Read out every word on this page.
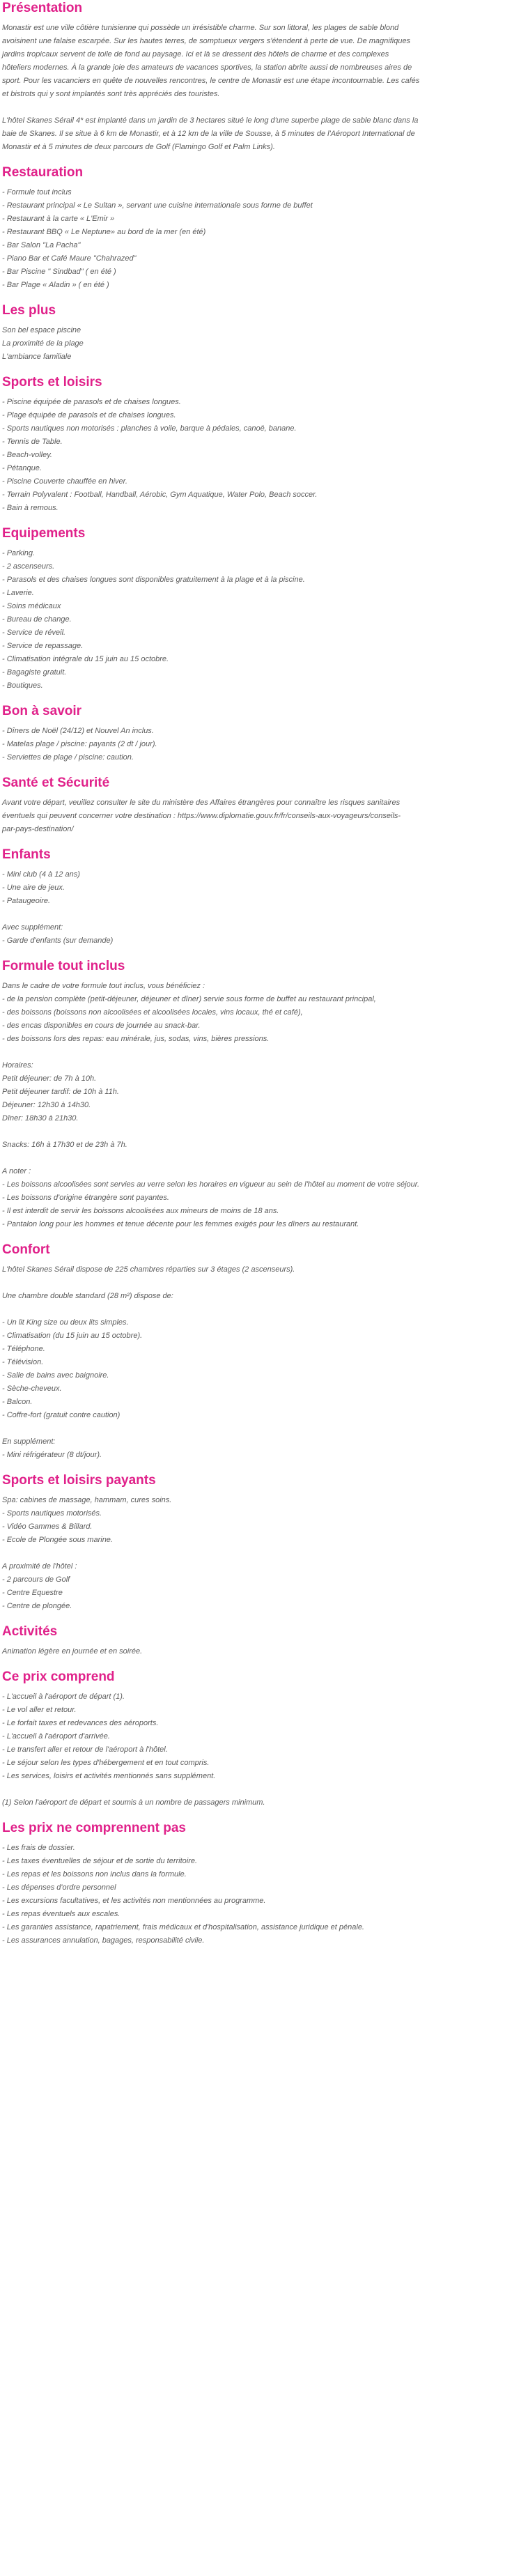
Présentation
Monastir est une ville côtière tunisienne qui possède un irrésistible charme. Sur son littoral, les plages de sable blond
avoisinent une falaise escarpée. Sur les hautes terres, de somptueux vergers s'étendent à perte de vue. De magnifiques
jardins tropicaux servent de toile de fond au paysage. Ici et là se dressent des hôtels de charme et des complexes
hôteliers modernes. À la grande joie des amateurs de vacances sportives, la station abrite aussi de nombreuses aires de
sport. Pour les vacanciers en quête de nouvelles rencontres, le centre de Monastir est une étape incontournable. Les cafés
et bistrots qui y sont implantés sont très appréciés des touristes.
L'hôtel Skanes Sérail 4* est implanté dans un jardin de 3 hectares situé le long d'une superbe plage de sable blanc dans la
baie de Skanes. Il se situe à 6 km de Monastir, et à 12 km de la ville de Sousse, à 5 minutes de l'Aéroport International de
Monastir et à 5 minutes de deux parcours de Golf (Flamingo Golf et Palm Links).
Restauration
- Formule tout inclus
- Restaurant principal « Le Sultan », servant une cuisine internationale sous forme de buffet
- Restaurant à la carte « L'Emir »
- Restaurant BBQ « Le Neptune» au bord de la mer (en été)
- Bar Salon "La Pacha"
- Piano Bar et Café Maure "Chahrazed"
- Bar Piscine " Sindbad" ( en été )
- Bar Plage « Aladin » ( en été )
Les plus
Son bel espace piscine
La proximité de la plage
L'ambiance familiale
Sports et loisirs
- Piscine équipée de parasols et de chaises longues.
- Plage équipée de parasols et de chaises longues.
- Sports nautiques non motorisés : planches à voile, barque à pédales, canoë, banane.
- Tennis de Table.
- Beach-volley.
- Pétanque.
- Piscine Couverte chauffée en hiver.
- Terrain Polyvalent : Football, Handball, Aérobic, Gym Aquatique, Water Polo, Beach soccer.
- Bain à remous.
Equipements
- Parking.
- 2 ascenseurs.
- Parasols et des chaises longues sont disponibles gratuitement à la plage et à la piscine.
- Laverie.
- Soins médicaux
- Bureau de change.
- Service de réveil.
- Service de repassage.
- Climatisation intégrale du 15 juin au 15 octobre.
- Bagagiste gratuit.
- Boutiques.
Bon à savoir
- Dîners de Noël (24/12) et Nouvel An inclus.
- Matelas plage / piscine: payants (2 dt / jour).
- Serviettes de plage / piscine: caution.
Santé et Sécurité
Avant votre départ, veuillez consulter le site du ministère des Affaires étrangères pour connaître les risques sanitaires
éventuels qui peuvent concerner votre destination : https://www.diplomatie.gouv.fr/fr/conseils-aux-voyageurs/conseils-
par-pays-destination/
Enfants
- Mini club (4 à 12 ans)
- Une aire de jeux.
- Pataugeoire.
Avec supplément:
- Garde d'enfants (sur demande)
Formule tout inclus
Dans le cadre de votre formule tout inclus, vous bénéficiez :
- de la pension complète (petit-déjeuner, déjeuner et dîner) servie sous forme de buffet au restaurant principal,
- des boissons (boissons non alcoolisées et alcoolisées locales, vins locaux, thé et café),
- des encas disponibles en cours de journée au snack-bar.
- des boissons lors des repas: eau minérale, jus, sodas, vins, bières pressions.
Horaires:
Petit déjeuner: de 7h à 10h.
Petit déjeuner tardif: de 10h à 11h.
Déjeuner: 12h30 à 14h30.
Dîner: 18h30 à 21h30.
Snacks: 16h à 17h30 et de 23h à 7h.
A noter :
- Les boissons alcoolisées sont servies au verre selon les horaires en vigueur au sein de l'hôtel au moment de votre séjour.
- Les boissons d'origine étrangère sont payantes.
- Il est interdit de servir les boissons alcoolisées aux mineurs de moins de 18 ans.
- Pantalon long pour les hommes et tenue décente pour les femmes exigés pour les dîners au restaurant.
Confort
L'hôtel Skanes Sérail dispose de 225 chambres réparties sur 3 étages (2 ascenseurs).
Une chambre double standard (28 m²) dispose de:
- Un lit King size ou deux lits simples.
- Climatisation (du 15 juin au 15 octobre).
- Téléphone.
- Télévision.
- Salle de bains avec baignoire.
- Sèche-cheveux.
- Balcon.
- Coffre-fort (gratuit contre caution)
En supplément:
- Mini réfrigérateur (8 dt/jour).
Sports et loisirs payants
Spa: cabines de massage, hammam, cures soins.
- Sports nautiques motorisés.
- Vidéo Gammes & Billard.
- Ecole de Plongée sous marine.
A proximité de l'hôtel :
- 2 parcours de Golf
- Centre Equestre
- Centre de plongée.
Activités
Animation légère en journée et en soirée.
Ce prix comprend
- L'accueil à l'aéroport de départ (1).
- Le vol aller et retour.
- Le forfait taxes et redevances des aéroports.
- L'accueil à l'aéroport d'arrivée.
- Le transfert aller et retour de l'aéroport à l'hôtel.
- Le séjour selon les types d'hébergement et en tout compris.
- Les services, loisirs et activités mentionnés sans supplément.
(1) Selon l'aéroport de départ et soumis à un nombre de passagers minimum.
Les prix ne comprennent pas
- Les frais de dossier.
- Les taxes éventuelles de séjour et de sortie du territoire.
- Les repas et les boissons non inclus dans la formule.
- Les dépenses d'ordre personnel
- Les excursions facultatives, et les activités non mentionnées au programme.
- Les repas éventuels aux escales.
- Les garanties assistance, rapatriement, frais médicaux et d'hospitalisation, assistance juridique et pénale.
- Les assurances annulation, bagages, responsabilité civile.
